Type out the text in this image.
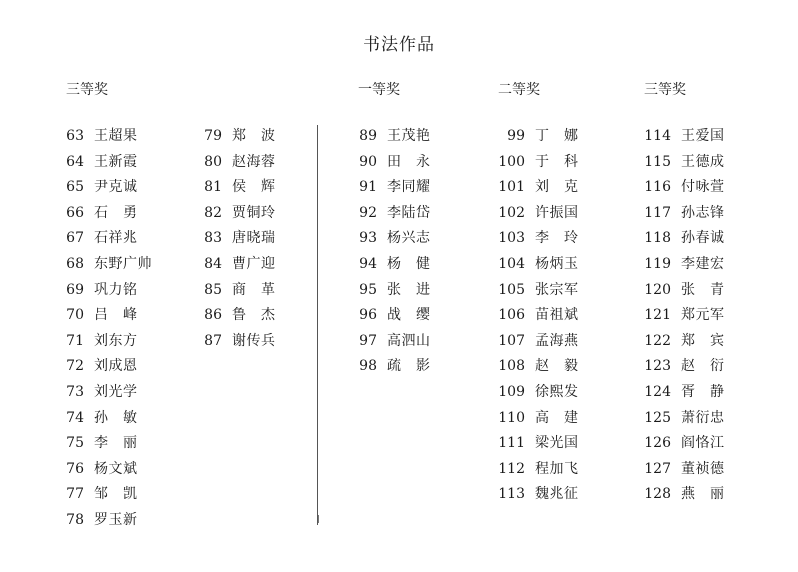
书法作品
三等奖	一等奖	二等奖	三等奖
63 王超果
64 王新霞
65 尹克诚
66 石　勇
67 石祥兆
68 东野广帅
69 巩力铭
70 吕　峰
71 刘东方
72 刘成恩
73 刘光学
74 孙　敏
75 李　丽
76 杨文斌
77 邹　凯
78 罗玉新
79 郑　波
80 赵海蓉
81 侯　辉
82 贾铜玲
83 唐晓瑞
84 曹广迎
85 商　革
86 鲁　杰
87 谢传兵
89 王茂艳
90 田　永
91 李同耀
92 李陆岱
93 杨兴志
94 杨　健
95 张　进
96 战　缨
97 高泗山
98 疏　影
99 丁　娜
100 于　科
101 刘　克
102 许振国
103 李　玲
104 杨炳玉
105 张宗军
106 苗祖斌
107 孟海燕
108 赵　毅
109 徐熙发
110 高　建
111 梁光国
112 程加飞
113 魏兆征
114 王爱国
115 王德成
116 付咏萱
117 孙志锋
118 孙春诚
119 李建宏
120 张　青
121 郑元军
122 郑　宾
123 赵　衍
124 胥　静
125 萧衍忠
126 阎恪江
127 董祯德
128 燕　丽
